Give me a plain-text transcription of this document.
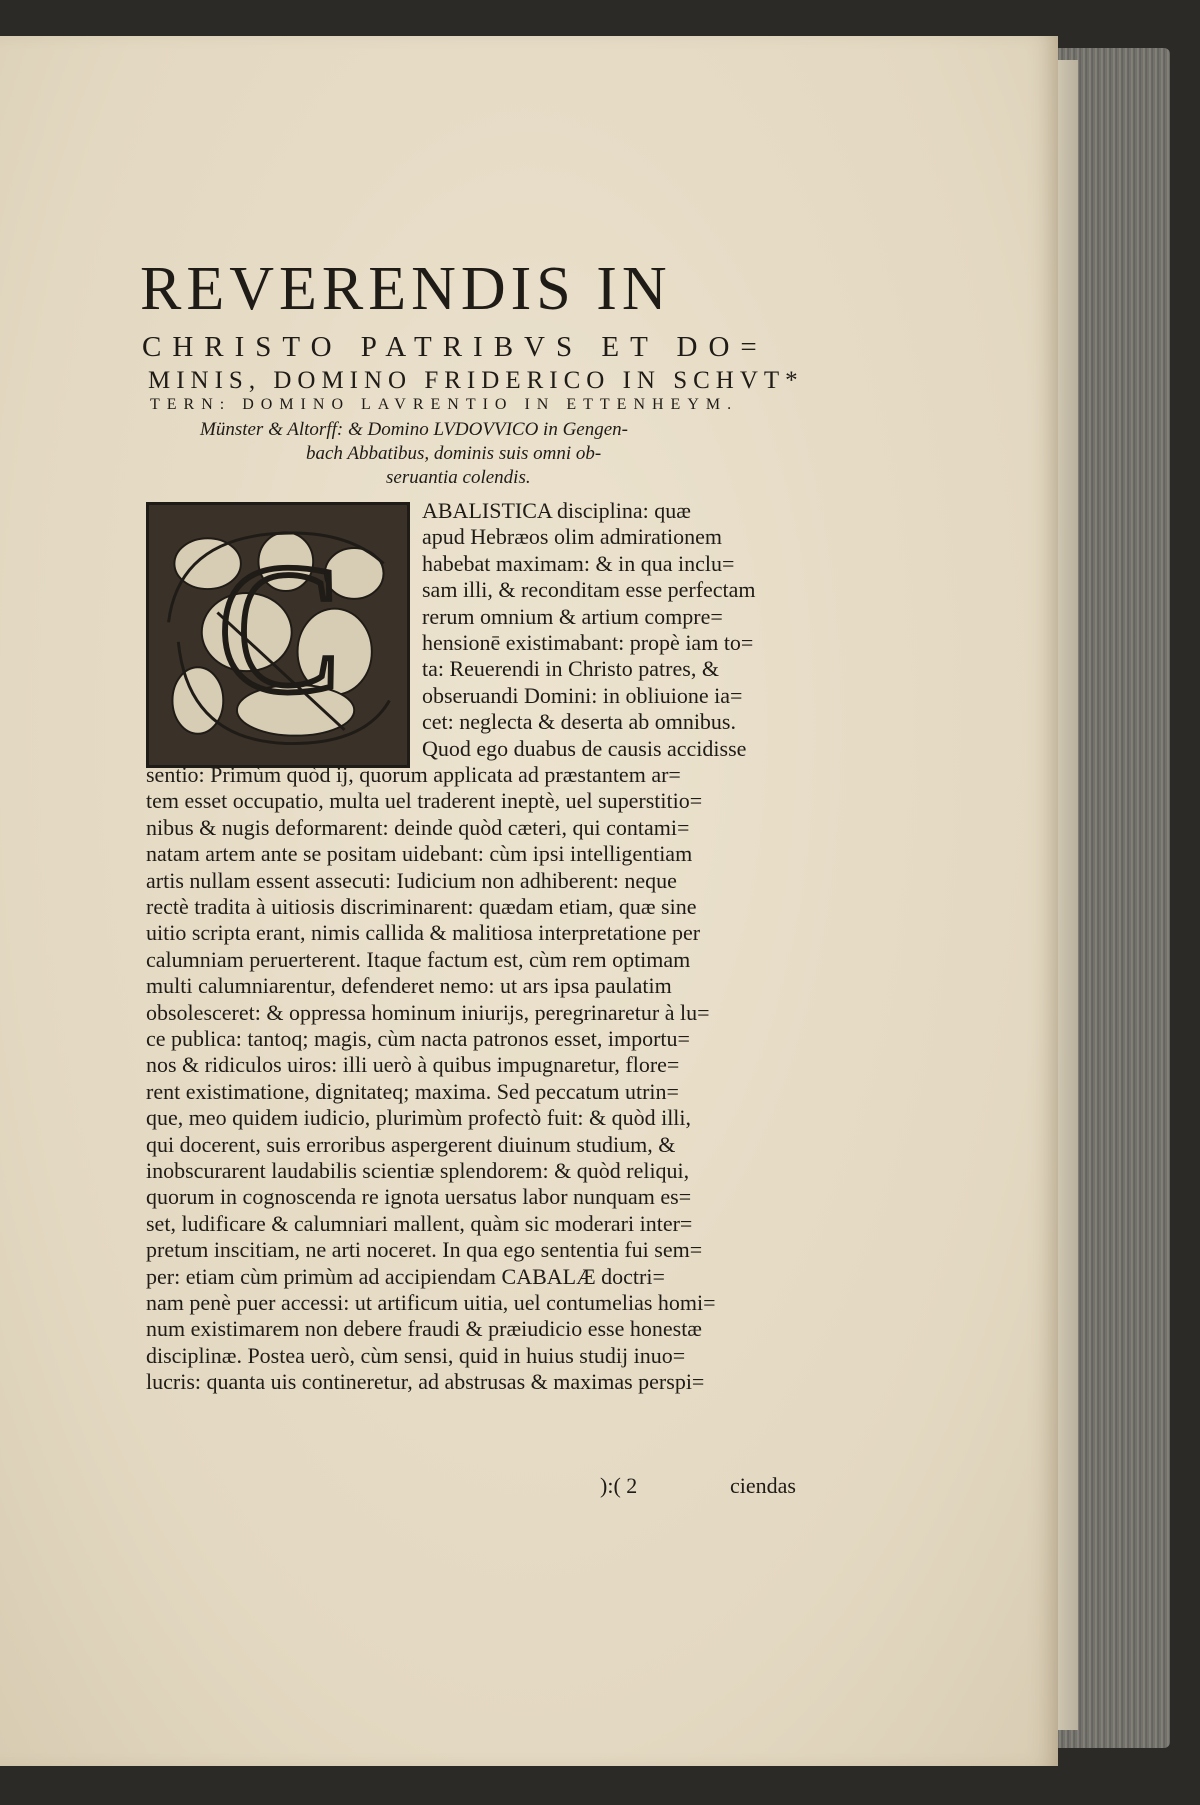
REVERENDIS IN
CHRISTO PATRIBVS ET DO=
MINIS, DOMINO FRIDERICO IN SCHVT*
TERN: DOMINO LAVRENTIO IN ETTENHEYM.
Münster & Altorff: & Domino LVDOVVICO in Gengen-
bach Abbatibus, dominis suis omni ob-
seruantia colendis.
C
ABALISTICA disciplina: quæ
apud Hebræos olim admirationem
habebat maximam: & in qua inclu=
sam illi, & reconditam esse perfectam
rerum omnium & artium compre=
hensionē existimabant: propè iam to=
ta: Reuerendi in Christo patres, &
obseruandi Domini: in obliuione ia=
cet: neglecta & deserta ab omnibus.
Quod ego duabus de causis accidisse
sentio: Primùm quòd ij, quorum applicata ad præstantem ar=
tem esset occupatio, multa uel traderent ineptè, uel superstitio=
nibus & nugis deformarent: deinde quòd cæteri, qui contami=
natam artem ante se positam uidebant: cùm ipsi intelligentiam
artis nullam essent assecuti: Iudicium non adhiberent: neque
rectè tradita à uitiosis discriminarent: quædam etiam, quæ sine
uitio scripta erant, nimis callida & malitiosa interpretatione per
calumniam peruerterent. Itaque factum est, cùm rem optimam
multi calumniarentur, defenderet nemo: ut ars ipsa paulatim
obsolesceret: & oppressa hominum iniurijs, peregrinaretur à lu=
ce publica: tantoq; magis, cùm nacta patronos esset, importu=
nos & ridiculos uiros: illi uerò à quibus impugnaretur, flore=
rent existimatione, dignitateq; maxima. Sed peccatum utrin=
que, meo quidem iudicio, plurimùm profectò fuit: & quòd illi,
qui docerent, suis erroribus aspergerent diuinum studium, &
inobscurarent laudabilis scientiæ splendorem: & quòd reliqui,
quorum in cognoscenda re ignota uersatus labor nunquam es=
set, ludificare & calumniari mallent, quàm sic moderari inter=
pretum inscitiam, ne arti noceret. In qua ego sententia fui sem=
per: etiam cùm primùm ad accipiendam CABALÆ doctri=
nam penè puer accessi: ut artificum uitia, uel contumelias homi=
num existimarem non debere fraudi & præiudicio esse honestæ
disciplinæ. Postea uerò, cùm sensi, quid in huius studij inuo=
lucris: quanta uis contineretur, ad abstrusas & maximas perspi=
):( 2	ciendas
